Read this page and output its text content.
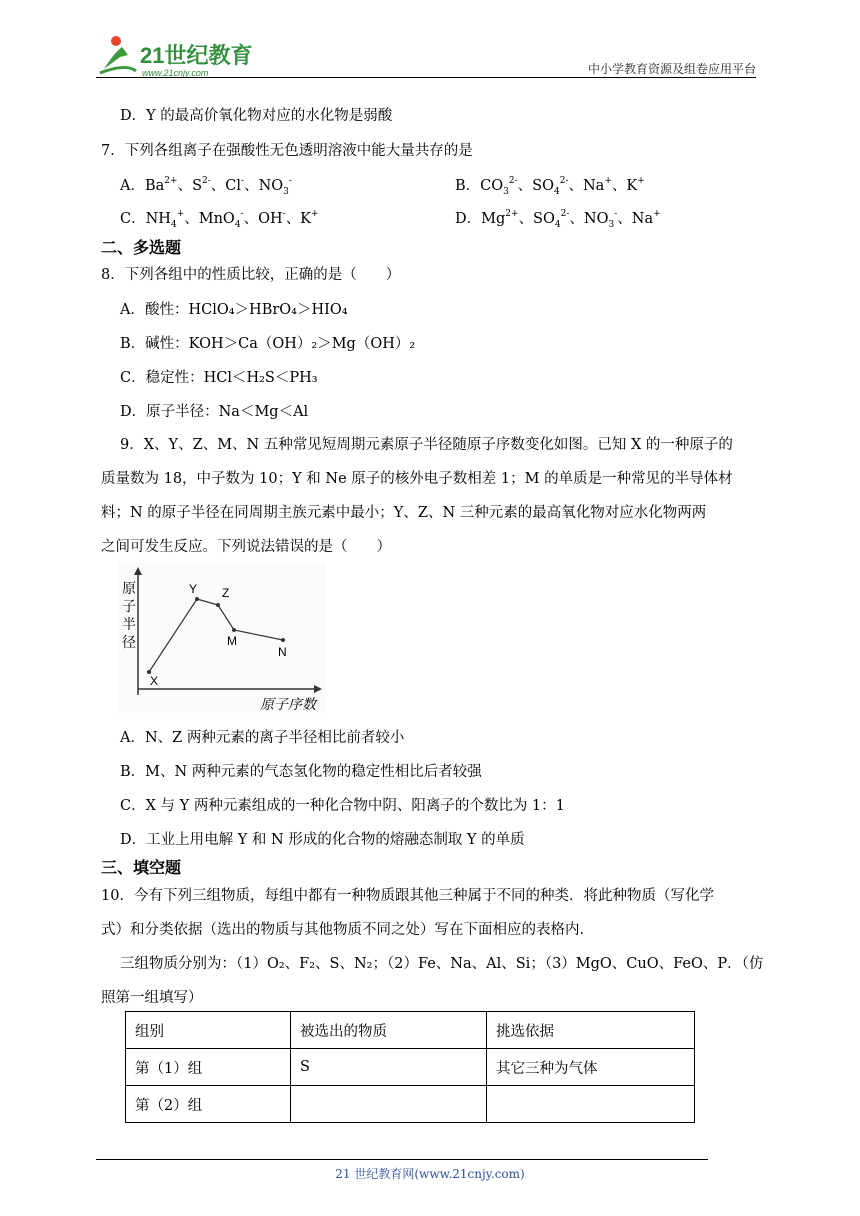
21世纪教育
www.21cnjy.com	中小学教育资源及组卷应用平台
D．Y 的最高价氧化物对应的水化物是弱酸
7．下列各组离子在强酸性无色透明溶液中能大量共存的是
A．$Ba^{2+}$、$S^{2-}$、Cl-、$NO_3^-$	B．$CO_3^{2-}$、$SO_4^{2-}$、Na+、K+
C．$NH_4^+$、MnO$_4$-、OH-、K+	D．$Mg^{2+}$、$SO_4^{2-}$、$NO_3^-$、Na+
二、多选题
8．下列各组中的性质比较，正确的是（　　）
A．酸性：HClO₄＞HBrO₄＞HIO₄
B．碱性：KOH＞Ca（OH）₂＞Mg（OH）₂
C．稳定性：HCl＜H₂S＜PH₃
D．原子半径：Na＜Mg＜Al
9．X、Y、Z、M、N 五种常见短周期元素原子半径随原子序数变化如图。已知 X 的一种原子的
质量数为 18，中子数为 10；Y 和 Ne 原子的核外电子数相差 1；M 的单质是一种常见的半导体材
料；N 的原子半径在同周期主族元素中最小；Y、Z、N 三种元素的最高氧化物对应水化物两两
之间可发生反应。下列说法错误的是（　　）
原
子
半
径
X
Y Z
M
N
原子序数
A．N、Z 两种元素的离子半径相比前者较小
B．M、N 两种元素的气态氢化物的稳定性相比后者较强
C．X 与 Y 两种元素组成的一种化合物中阴、阳离子的个数比为 1：1
D．工业上用电解 Y 和 N 形成的化合物的熔融态制取 Y 的单质
三、填空题
10．今有下列三组物质，每组中都有一种物质跟其他三种属于不同的种类．将此种物质（写化学
式）和分类依据（选出的物质与其他物质不同之处）写在下面相应的表格内．
三组物质分别为：（1）O₂、F₂、S、N₂；（2）Fe、Na、Al、Si；（3）MgO、CuO、FeO、P．（仿
照第一组填写）
组别	被选出的物质	挑选依据
第（1）组	S	其它三种为气体
第（2）组		
21 世纪教育网(www.21cnjy.com)
